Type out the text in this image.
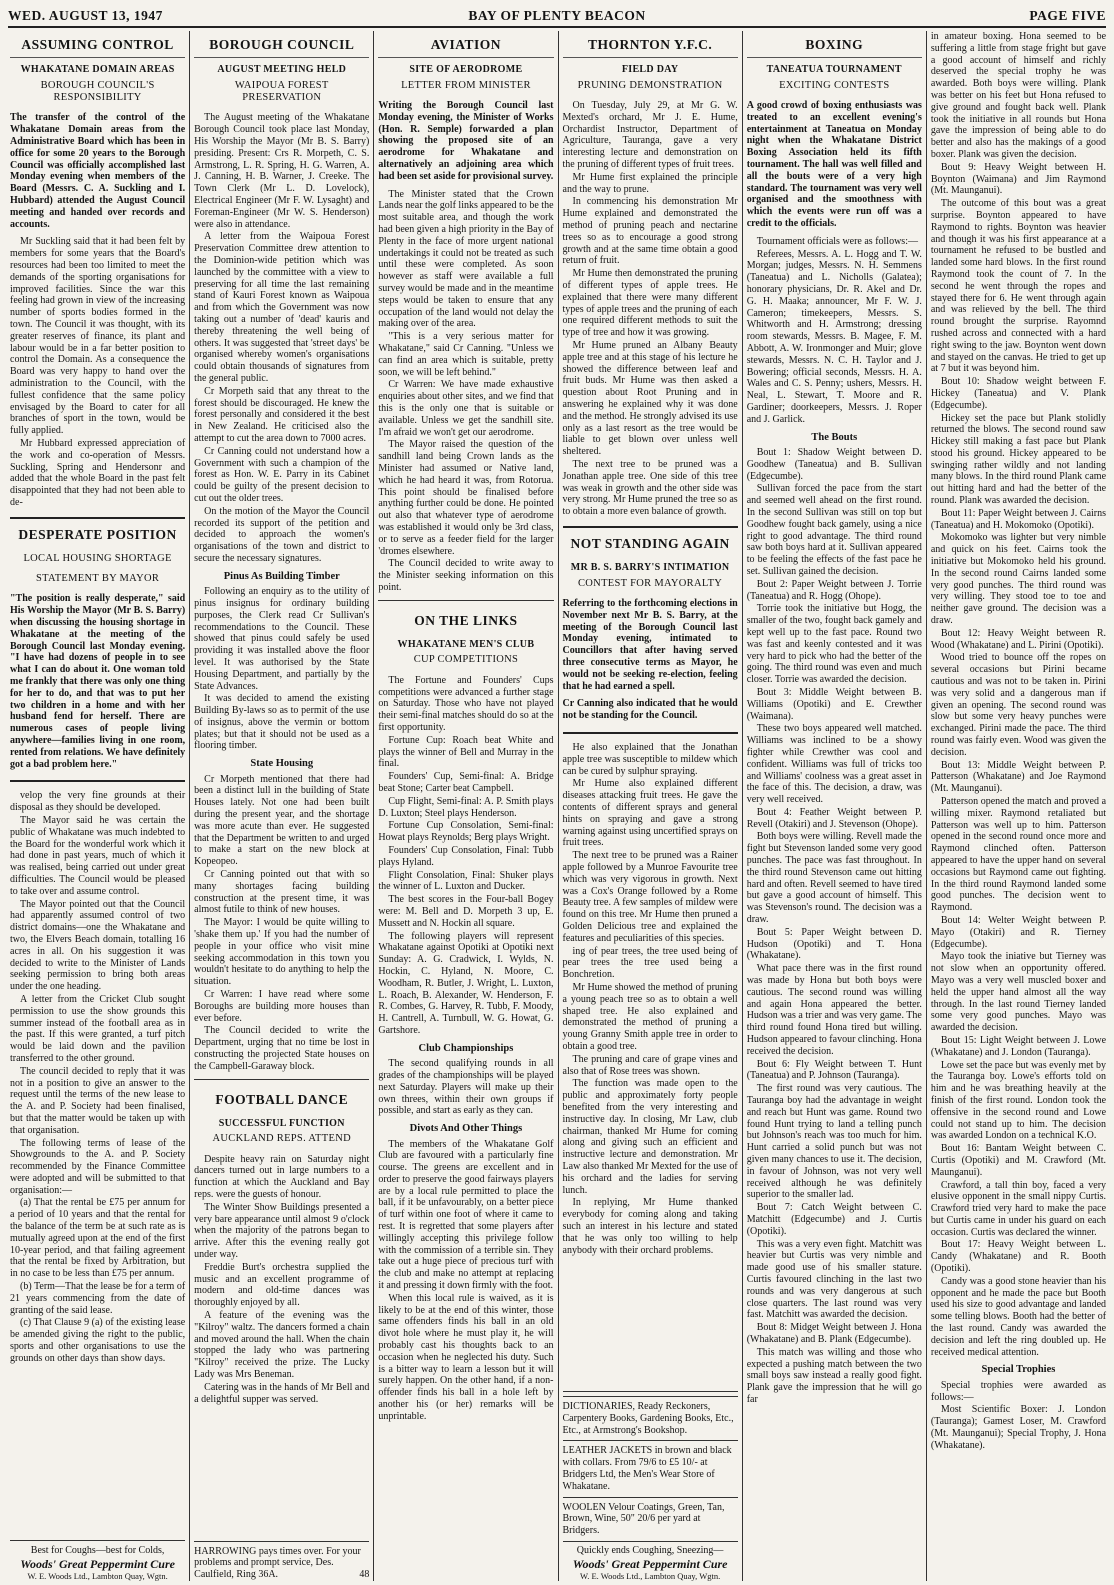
WED. AUGUST 13, 1947	BAY OF PLENTY BEACON	PAGE FIVE
ASSUMING CONTROL
WHAKATANE DOMAIN AREAS
BOROUGH COUNCIL'S RESPONSIBILITY
The transfer of the control of the Whakatane Domain areas from the Administrative Board which has been in office for some 20 years to the Borough Council was officially accomplished last Monday evening when members of the Board (Messrs. C. A. Suckling and I. Hubbard) attended the August Council meeting and handed over records and accounts.
Mr Suckling said that it had been felt by members for some years that the Board's resources had been too limited to meet the demands of the sporting organisations for improved facilities. Since the war this feeling had grown in view of the increasing number of sports bodies formed in the town. The Council it was thought, with its greater reserves of finance, its plant and labour would be in a far better position to control the Domain. As a consequence the Board was very happy to hand over the administration to the Council, with the fullest confidence that the same policy envisaged by the Board to cater for all branches of sport in the town, would be fully applied.
Mr Hubbard expressed appreciation of the work and co-operation of Messrs. Suckling, Spring and Hendersonr and added that the whole Board in the past felt disappointed that they had not been able to de-
DESPERATE POSITION
LOCAL HOUSING SHORTAGE
STATEMENT BY MAYOR
"The position is really desperate," said His Worship the Mayor (Mr B. S. Barry) when discussing the housing shortage in Whakatane at the meeting of the Borough Council last Monday evening. "I have had dozens of people in to see what I can do about it. One woman told me frankly that there was only one thing for her to do, and that was to put her two children in a home and with her husband fend for herself. There are numerous cases of people living anywhere—families living in one room, rented from relations. We have definitely got a bad problem here."
velop the very fine grounds at their disposal as they should be developed.
The Mayor said he was certain the public of Whakatane was much indebted to the Board for the wonderful work which it had done in past years, much of which it was realised, being carried out under great difficulties. The Council would be pleased to take over and assume control.
The Mayor pointed out that the Council had apparently assumed control of two district domains—one the Whakatane and two, the Elvers Beach domain, totalling 16 acres in all. On his suggestion it was decided to write to the Minister of Lands seeking permission to bring both areas under the one heading.
A letter from the Cricket Club sought permission to use the show grounds this summer instead of the football area as in the past. If this were granted, a turf pitch would be laid down and the pavilion transferred to the other ground.
The council decided to reply that it was not in a position to give an answer to the request until the terms of the new lease to the A. and P. Society had been finalised, but that the matter would be taken up with that organisation.
The following terms of lease of the Showgrounds to the A. and P. Society recommended by the Finance Committee were adopted and will be submitted to that organisation:—
(a) That the rental be £75 per annum for a period of 10 years and that the rental for the balance of the term be at such rate as is mutually agreed upon at the end of the first 10-year period, and that failing agreement that the rental be fixed by Arbitration, but in no case to be less than £75 per annum.
(b) Term—That the lease be for a term of 21 years commencing from the date of granting of the said lease.
(c) That Clause 9 (a) of the existing lease be amended giving the right to the public, sports and other organisations to use the grounds on other days than show days.
Best for Coughs—best for Colds,
Woods' Great Peppermint Cure
W. E. Woods Ltd., Lambton Quay, Wgtn.
BOROUGH COUNCIL
AUGUST MEETING HELD
WAIPOUA FOREST PRESERVATION
The August meeting of the Whakatane Borough Council took place last Monday, His Worship the Mayor (Mr B. S. Barry) presiding. Present: Crs R. Morpeth, C. S. Armstrong, L. R. Spring, H. G. Warren, A. J. Canning, H. B. Warner, J. Creeke. The Town Clerk (Mr L. D. Lovelock), Electrical Engineer (Mr F. W. Lysaght) and Foreman-Engineer (Mr W. S. Henderson) were also in attendance.
A letter from the Waipoua Forest Preservation Committee drew attention to the Dominion-wide petition which was launched by the committee with a view to preserving for all time the last remaining stand of Kauri Forest known as Waipoua and from which the Government was now taking out a number of 'dead' kauris and thereby threatening the well being of others. It was suggested that 'street days' be organised whereby women's organisations could obtain thousands of signatures from the general public.
Cr Morpeth said that any threat to the forest should be discouraged. He knew the forest personally and considered it the best in New Zealand. He criticised also the attempt to cut the area down to 7000 acres.
Cr Canning could not understand how a Government with such a champion of the forest as Hon. W. E. Parry in its Cabinet could be guilty of the present decision to cut out the older trees.
On the motion of the Mayor the Council recorded its support of the petition and decided to approach the women's organisations of the town and district to secure the necessary signatures.
Pinus As Building Timber
Following an enquiry as to the utility of pinus insignus for ordinary building purposes, the Clerk read Cr Sullivan's recommendations to the Council. These showed that pinus could safely be used providing it was installed above the floor level. It was authorised by the State Housing Department, and partially by the State Advances.
It was decided to amend the existing Building By-laws so as to permit of the use of insignus, above the vermin or bottom plates; but that it should not be used as a flooring timber.
State Housing
Cr Morpeth mentioned that there had been a distinct lull in the building of State Houses lately. Not one had been built during the present year, and the shortage was more acute than ever. He suggested that the Department be written to and urged to make a start on the new block at Kopeopeo.
Cr Canning pointed out that with so many shortages facing building construction at the present time, it was almost futile to think of new houses.
The Mayor: I would be quite willing to 'shake them up.' If you had the number of people in your office who visit mine seeking accommodation in this town you wouldn't hesitate to do anything to help the situation.
Cr Warren: I have read where some Boroughs are building more houses than ever before.
The Council decided to write the Department, urging that no time be lost in constructing the projected State houses on the Campbell-Garaway block.
FOOTBALL DANCE
SUCCESSFUL FUNCTION
AUCKLAND REPS. ATTEND
Despite heavy rain on Saturday night dancers turned out in large numbers to a function at which the Auckland and Bay reps. were the guests of honour.
The Winter Show Buildings presented a very bare appearance until almost 9 o'clock when the majority of the patrons began to arrive. After this the evening really got under way.
Freddie Burt's orchestra supplied the music and an excellent programme of modern and old-time dances was thoroughly enjoyed by all.
A feature of the evening was the "Kilroy" waltz. The dancers formed a chain and moved around the hall. When the chain stopped the lady who was partnering "Kilroy" received the prize. The Lucky Lady was Mrs Beneman.
Catering was in the hands of Mr Bell and a delightful supper was served.
HARROWING pays times over. For your problems and prompt service, Des. Caulfield, Ring 36A.	48
AVIATION
SITE OF AERODROME
LETTER FROM MINISTER
Writing the Borough Council last Monday evening, the Minister of Works (Hon. R. Semple) forwarded a plan showing the proposed site of an aerodrome for Whakatane and alternatively an adjoining area which had been set aside for provisional survey.
The Minister stated that the Crown Lands near the golf links appeared to be the most suitable area, and though the work had been given a high priority in the Bay of Plenty in the face of more urgent national undertakings it could not be treated as such until these were completed. As soon however as staff were available a full survey would be made and in the meantime steps would be taken to ensure that any occupation of the land would not delay the making over of the area.
"This is a very serious matter for Whakatane," said Cr Canning. "Unless we can find an area which is suitable, pretty soon, we will be left behind."
Cr Warren: We have made exhaustive enquiries about other sites, and we find that this is the only one that is suitable or available. Unless we get the sandhill site. I'm afraid we won't get our aerodrome.
The Mayor raised the question of the sandhill land being Crown lands as the Minister had assumed or Native land, which he had heard it was, from Rotorua. This point should be finalised before anything further could be done. He pointed out also that whatever type of aerodrome was established it would only be 3rd class, or to serve as a feeder field for the larger 'dromes elsewhere.
The Council decided to write away to the Minister seeking information on this point.
ON THE LINKS
WHAKATANE MEN'S CLUB
CUP COMPETITIONS
The Fortune and Founders' Cups competitions were advanced a further stage on Saturday. Those who have not played their semi-final matches should do so at the first opportunity.
Fortune Cup: Roach beat White and plays the winner of Bell and Murray in the final.
Founders' Cup, Semi-final: A. Bridge beat Stone; Carter beat Campbell.
Cup Flight, Semi-final: A. P. Smith plays D. Luxton; Steel plays Henderson.
Fortune Cup Consolation, Semi-final: Howat plays Reynolds; Berg plays Wright.
Founders' Cup Consolation, Final: Tubb plays Hyland.
Flight Consolation, Final: Shuker plays the winner of L. Luxton and Ducker.
The best scores in the Four-ball Bogey were: M. Bell and D. Morpeth 3 up, E. Mussett and N. Hockin all square.
The following players will represent Whakatane against Opotiki at Opotiki next Sunday: A. G. Cradwick, I. Wylds, N. Hockin, C. Hyland, N. Moore, C. Woodham, R. Butler, J. Wright, L. Luxton, L. Roach, B. Alexander, W. Henderson, F. R. Combes, G. Harvey, R. Tubb, F. Moody, H. Cantrell, A. Turnbull, W. G. Howat, G. Gartshore.
Club Championships
The second qualifying rounds in all grades of the championships will be played next Saturday. Players will make up their own threes, within their own groups if possible, and start as early as they can.
Divots And Other Things
The members of the Whakatane Golf Club are favoured with a particularly fine course. The greens are excellent and in order to preserve the good fairways players are by a local rule permitted to place the ball, if it be unfavourably, on a better piece of turf within one foot of where it came to rest. It is regretted that some players after willingly accepting this privilege follow with the commission of a terrible sin. They take out a huge piece of precious turf with the club and make no attempt at replacing it and pressing it down firmly with the foot.
When this local rule is waived, as it is likely to be at the end of this winter, those same offenders finds his ball in an old divot hole where he must play it, he will probably cast his thoughts back to an occasion when he neglected his duty. Such is a bitter way to learn a lesson but it will surely happen. On the other hand, if a non-offender finds his ball in a hole left by another his (or her) remarks will be unprintable.
THORNTON Y.F.C.
FIELD DAY
PRUNING DEMONSTRATION
On Tuesday, July 29, at Mr G. W. Mexted's orchard, Mr J. E. Hume, Orchardist Instructor, Department of Agriculture, Tauranga, gave a very interesting lecture and demonstration on the pruning of different types of fruit trees.
Mr Hume first explained the principle and the way to prune.
In commencing his demonstration Mr Hume explained and demonstrated the method of pruning peach and nectarine trees so as to encourage a good strong growth and at the same time obtain a good return of fruit.
Mr Hume then demonstrated the pruning of different types of apple trees. He explained that there were many different types of apple trees and the pruning of each one required different methods to suit the type of tree and how it was growing.
Mr Hume pruned an Albany Beauty apple tree and at this stage of his lecture he showed the difference between leaf and fruit buds. Mr Hume was then asked a question about Root Pruning and in answering he explained why it was done and the method. He strongly advised its use only as a last resort as the tree would be liable to get blown over unless well sheltered.
The next tree to be pruned was a Jonathan apple tree. One side of this tree was weak in growth and the other side was very strong. Mr Hume pruned the tree so as to obtain a more even balance of growth.
NOT STANDING AGAIN
MR B. S. BARRY'S INTIMATION
CONTEST FOR MAYORALTY
Referring to the forthcoming elections in November next Mr B. S. Barry, at the meeting of the Borough Council last Monday evening, intimated to Councillors that after having served three consecutive terms as Mayor, he would not be seeking re-election, feeling that he had earned a spell.
Cr Canning also indicated that he would not be standing for the Council.
He also explained that the Jonathan apple tree was susceptible to mildew which can be cured by sulphur spraying.
Mr Hume also explained different diseases attacking fruit trees. He gave the contents of different sprays and general hints on spraying and gave a strong warning against using uncertified sprays on fruit trees.
The next tree to be pruned was a Rainer apple followed by a Munroe Favourite tree which was very vigorous in growth. Next was a Cox's Orange followed by a Rome Beauty tree. A few samples of mildew were found on this tree. Mr Hume then pruned a Golden Delicious tree and explained the features and peculiarities of this species.
ing of pear trees, the tree used being of pear trees the tree used being a Bonchretion.
Mr Hume showed the method of pruning a young peach tree so as to obtain a well shaped tree. He also explained and demonstrated the method of pruning a young Granny Smith apple tree in order to obtain a good tree.
The pruning and care of grape vines and also that of Rose trees was shown.
The function was made open to the public and approximately forty people benefited from the very interesting and instructive day. In closing, Mr Law, club chairman, thanked Mr Hume for coming along and giving such an efficient and instructive lecture and demonstration. Mr Law also thanked Mr Mexted for the use of his orchard and the ladies for serving lunch.
In replying, Mr Hume thanked everybody for coming along and taking such an interest in his lecture and stated that he was only too willing to help anybody with their orchard problems.
DICTIONARIES, Ready Reckoners, Carpentery Books, Gardening Books, Etc., Etc., at Armstrong's Bookshop.
LEATHER JACKETS in brown and black with collars. From 79/6 to £5 10/- at Bridgers Ltd, the Men's Wear Store of Whakatane.
WOOLEN Velour Coatings, Green, Tan, Brown, Wine, 50" 20/6 per yard at Bridgers.
Quickly ends Coughing, Sneezing—
Woods' Great Peppermint Cure
W. E. Woods Ltd., Lambton Quay, Wgtn.
BOXING
TANEATUA TOURNAMENT
EXCITING CONTESTS
A good crowd of boxing enthusiasts was treated to an excellent evening's entertainment at Taneatua on Monday night when the Whakatane District Boxing Association held its fifth tournament. The hall was well filled and all the bouts were of a very high standard. The tournament was very well organised and the smoothness with which the events were run off was a credit to the officials.
Tournament officials were as follows:—
Referees, Messrs. A. L. Hogg and T. W. Morgan; judges, Messrs. N. H. Semmens (Taneatua) and L. Nicholls (Galatea); honorary physicians, Dr. R. Akel and Dr. G. H. Maaka; announcer, Mr F. W. J. Cameron; timekeepers, Messrs. S. Whitworth and H. Armstrong; dressing room stewards, Messrs. B. Magee, F. M. Abbott, A. W. Ironmonger and Muir; glove stewards, Messrs. N. C. H. Taylor and J. Bowering; official seconds, Messrs. H. A. Wales and C. S. Penny; ushers, Messrs. H. Neal, L. Stewart, T. Moore and R. Gardiner; doorkeepers, Messrs. J. Roper and J. Garlick.
The Bouts
Bout 1: Shadow Weight between D. Goodhew (Taneatua) and B. Sullivan (Edgecumbe).
Sullivan forced the pace from the start and seemed well ahead on the first round. In the second Sullivan was still on top but Goodhew fought back gamely, using a nice right to good advantage. The third round saw both boys hard at it. Sullivan appeared to be feeling the effects of the fast pace he set. Sullivan gained the decision.
Bout 2: Paper Weight between J. Torrie (Taneatua) and R. Hogg (Ohope).
Torrie took the initiative but Hogg, the smaller of the two, fought back gamely and kept well up to the fast pace. Round two was fast and keenly contested and it was very hard to pick who had the better of the going. The third round was even and much closer. Torrie was awarded the decision.
Bout 3: Middle Weight between B. Williams (Opotiki) and E. Crewther (Waimana).
These two boys appeared well matched. Williams was inclined to be a showy fighter while Crewther was cool and confident. Williams was full of tricks too and Williams' coolness was a great asset in the face of this. The decision, a draw, was very well received.
Bout 4: Feather Weight between P. Revell (Otakiri) and J. Stevenson (Ohope).
Both boys were willing. Revell made the fight but Stevenson landed some very good punches. The pace was fast throughout. In the third round Stevenson came out hitting hard and often. Revell seemed to have tired but gave a good account of himself. This was Stevenson's round. The decision was a draw.
Bout 5: Paper Weight between D. Hudson (Opotiki) and T. Hona (Whakatane).
What pace there was in the first round was made by Hona but both boys were cautious. The second round was willing and again Hona appeared the better. Hudson was a trier and was very game. The third round found Hona tired but willing. Hudson appeared to favour clinching. Hona received the decision.
Bout 6: Fly Weight between T. Hunt (Taneatua) and P. Johnson (Tauranga).
The first round was very cautious. The Tauranga boy had the advantage in weight and reach but Hunt was game. Round two found Hunt trying to land a telling punch but Johnson's reach was too much for him. Hunt carried a solid punch but was not given many chances to use it. The decision, in favour of Johnson, was not very well received although he was definitely superior to the smaller lad.
Bout 7: Catch Weight between C. Matchitt (Edgecumbe) and J. Curtis (Opotiki).
This was a very even fight. Matchitt was heavier but Curtis was very nimble and made good use of his smaller stature. Curtis favoured clinching in the last two rounds and was very dangerous at such close quarters. The last round was very fast. Matchitt was awarded the decision.
Bout 8: Midget Weight between J. Hona (Whakatane) and B. Plank (Edgecumbe).
This match was willing and those who expected a pushing match between the two small boys saw instead a really good fight. Plank gave the impression that he will go far
in amateur boxing. Hona seemed to be suffering a little from stage fright but gave a good account of himself and richly deserved the special trophy he was awarded. Both boys were willing. Plank was better on his feet but Hona refused to give ground and fought back well. Plank took the initiative in all rounds but Hona gave the impression of being able to do better and also has the makings of a good boxer. Plank was given the decision.
Bout 9: Heavy Weight between H. Boynton (Waimana) and Jim Raymond (Mt. Maunganui).
The outcome of this bout was a great surprise. Boynton appeared to have Raymond to rights. Boynton was heavier and though it was his first appearance at a tournament he refused to be bustled and landed some hard blows. In the first round Raymond took the count of 7. In the second he went through the ropes and stayed there for 6. He went through again and was relieved by the bell. The third round brought the surprise. Rayomnd rushed across and connected with a hard right swing to the jaw. Boynton went down and stayed on the canvas. He tried to get up at 7 but it was beyond him.
Bout 10: Shadow weight between F. Hickey (Taneatua) and V. Plank (Edgecumbe).
Hickey set the pace but Plank stolidly returned the blows. The second round saw Hickey still making a fast pace but Plank stood his ground. Hickey appeared to be swinging rather wildly and not landing many blows. In the third round Plank came out hitting hard and had the better of the round. Plank was awarded the decision.
Bout 11: Paper Weight between J. Cairns (Taneatua) and H. Mokomoko (Opotiki).
Mokomoko was lighter but very nimble and quick on his feet. Cairns took the initiative but Mokomoko held his ground. In the second round Cairns landed some very good punches. The third round was very willing. They stood toe to toe and neither gave ground. The decision was a draw.
Bout 12: Heavy Weight between R. Wood (Whakatane) and L. Pirini (Opotiki).
Wood tried to bounce off the ropes on several occasions but Pirini became cautious and was not to be taken in. Pirini was very solid and a dangerous man if given an opening. The second round was slow but some very heavy punches were exchanged. Pirini made the pace. The third round was fairly even. Wood was given the decision.
Bout 13: Middle Weight between P. Patterson (Whakatane) and Joe Raymond (Mt. Maunganui).
Patterson opened the match and proved a willing mixer. Raymond retaliated but Patterson was well up to him. Patterson opened in the second round once more and Raymond clinched often. Patterson appeared to have the upper hand on several occasions but Raymond came out fighting. In the third round Raymond landed some good punches. The decision went to Raymond.
Bout 14: Welter Weight between P. Mayo (Otakiri) and R. Tierney (Edgecumbe).
Mayo took the iniative but Tierney was not slow when an opportunity offered. Mayo was a very well muscled boxer and held the upper hand almost all the way through. In the last round Tierney landed some very good punches. Mayo was awarded the decision.
Bout 15: Light Weight between J. Lowe (Whakatane) and J. London (Tauranga).
Lowe set the pace but was evenly met by the Tauranga boy. Lowe's efforts told on him and he was breathing heavily at the finish of the first round. London took the offensive in the second round and Lowe could not stand up to him. The decision was awarded London on a technical K.O.
Bout 16: Bantam Weight between C. Curtis (Opotiki) and M. Crawford (Mt. Maunganui).
Crawford, a tall thin boy, faced a very elusive opponent in the small nippy Curtis. Crawford tried very hard to make the pace but Curtis came in under his guard on each occasion. Curtis was declared the winner.
Bout 17: Heavy Weight between L. Candy (Whakatane) and R. Booth (Opotiki).
Candy was a good stone heavier than his opponent and he made the pace but Booth used his size to good advantage and landed some telling blows. Booth had the better of the last round. Candy was awarded the decision and left the ring doubled up. He received medical attention.
Special Trophies
Special trophies were awarded as follows:—
Most Scientific Boxer: J. London (Tauranga); Gamest Loser, M. Crawford (Mt. Maunganui); Special Trophy, J. Hona (Whakatane).
